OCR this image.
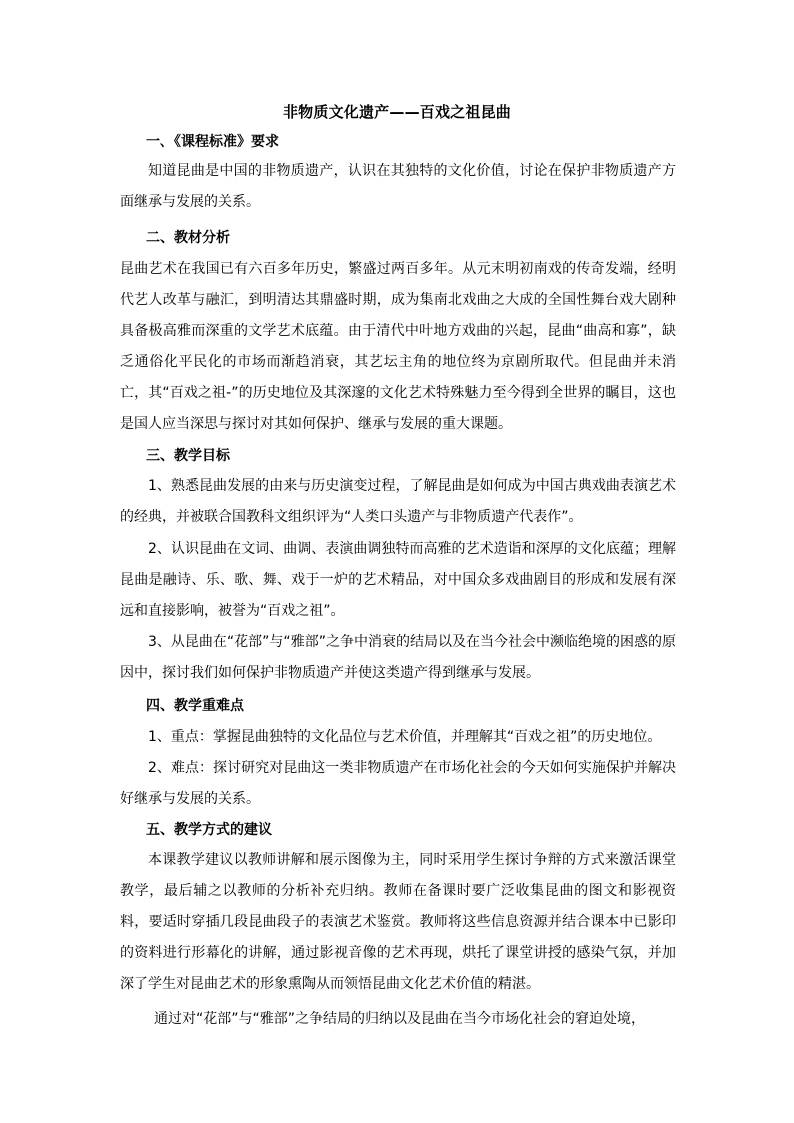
非物质文化遗产——百戏之祖昆曲
一､《课程标准》要求
知道昆曲是中国的非物质遗产，认识在其独特的文化价值，讨论在保护非物质遗产方面继承与发展的关系。
二、教材分析
昆曲艺术在我国已有六百多年历史，繁盛过两百多年。从元末明初南戏的传奇发端，经明代艺人改革与融汇，到明清达其鼎盛时期，成为集南北戏曲之大成的全国性舞台戏大剧种具备极高雅而深重的文学艺术底蕴。由于清代中叶地方戏曲的兴起，昆曲“曲高和寡”，缺乏通俗化平民化的市场而渐趋消衰，其艺坛主角的地位终为京剧所取代。但昆曲并未消亡，其“百戏之祖-”的历史地位及其深邃的文化艺术特殊魅力至今得到全世界的瞩目，这也是国人应当深思与探讨对其如何保护、继承与发展的重大课题。
三、教学目标
1、熟悉昆曲发展的由来与历史演变过程，了解昆曲是如何成为中国古典戏曲表演艺术的经典，并被联合国教科文组织评为“人类口头遗产与非物质遗产代表作”。
2、认识昆曲在文词、曲调、表演曲调独特而高雅的艺术造诣和深厚的文化底蕴；理解昆曲是融诗、乐、歌、舞、戏于一炉的艺术精品，对中国众多戏曲剧目的形成和发展有深远和直接影响，被誉为“百戏之祖”。
3、从昆曲在“花部”与“雅部”之争中消衰的结局以及在当今社会中濒临绝境的困惑的原因中，探讨我们如何保护非物质遗产并使这类遗产得到继承与发展。
四、教学重难点
1、重点：掌握昆曲独特的文化品位与艺术价值，并理解其“百戏之祖”的历史地位。
2、难点：探讨研究对昆曲这一类非物质遗产在市场化社会的今天如何实施保护并解决好继承与发展的关系。
五、教学方式的建议
本课教学建议以教师讲解和展示图像为主，同时采用学生探讨争辩的方式来激活课堂教学，最后辅之以教师的分析补充归纳。教师在备课时要广泛收集昆曲的图文和影视资料，要适时穿插几段昆曲段子的表演艺术鉴赏。教师将这些信息资源并结合课本中已影印的资料进行形幕化的讲解，通过影视音像的艺术再现，烘托了课堂讲授的感染气氛，并加深了学生对昆曲艺术的形象熏陶从而领悟昆曲文化艺术价值的精湛。
通过对“花部”与“雅部”之争结局的归纳以及昆曲在当今市场化社会的窘迫处境，
